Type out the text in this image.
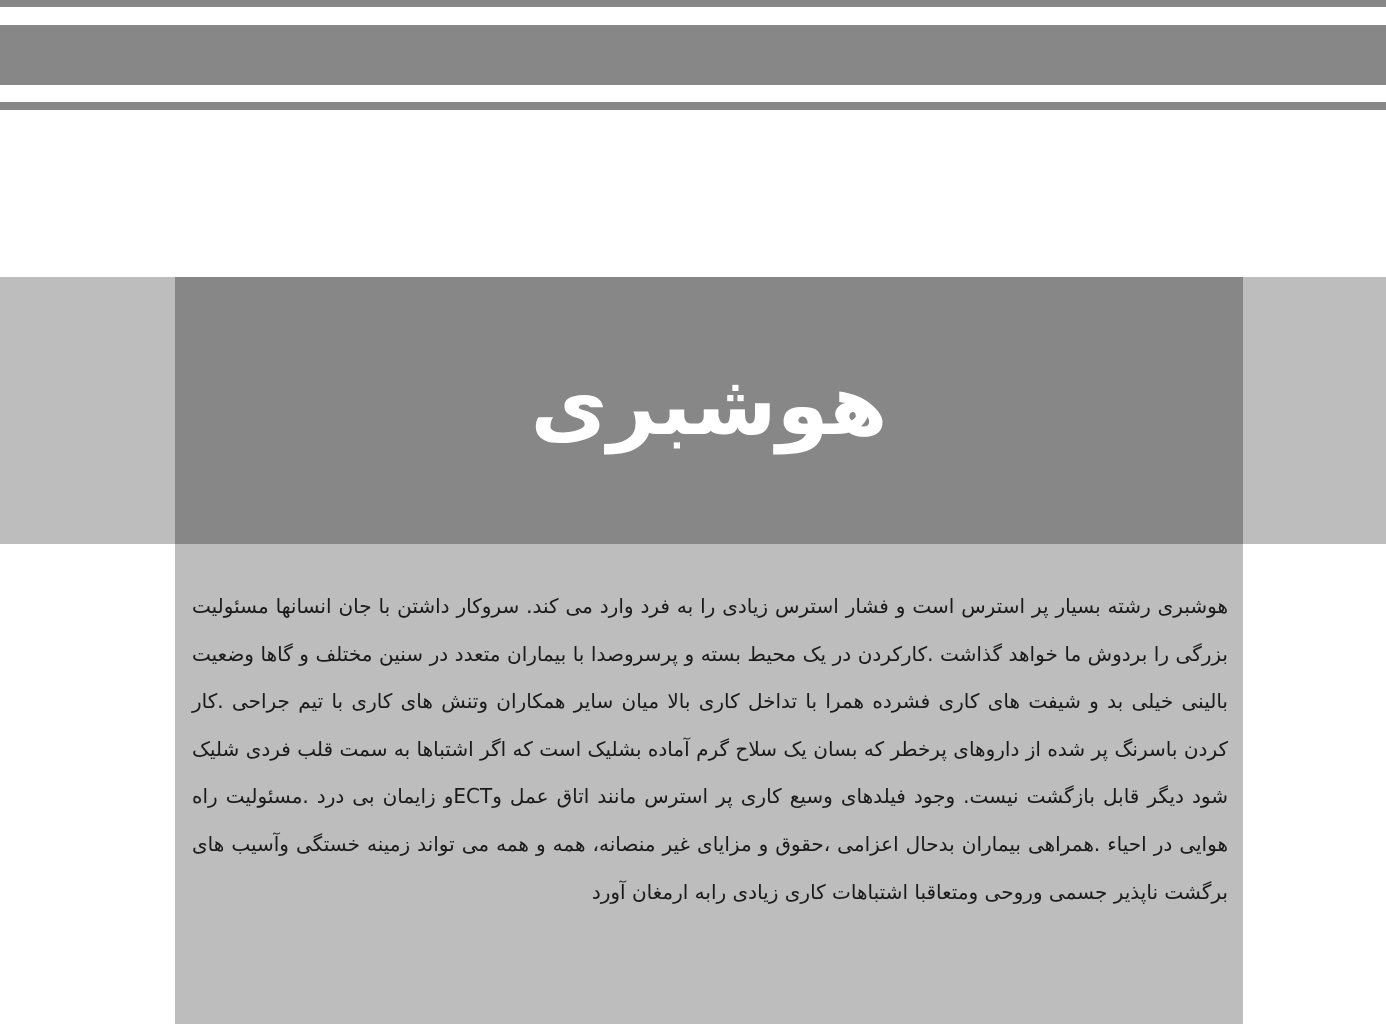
هوشبری

هوشبری رشته بسیار پر استرس است و فشار استرس زیادی را به فرد وارد می کند. سروکار داشتن با جان انسانها مسئولیت بزرگی را بردوش ما خواهد گذاشت .کارکردن در یک محیط بسته و پرسروصدا با بیماران متعدد در سنین مختلف و گاها وضعیت بالینی خیلی بد و شیفت های کاری فشرده همرا با تداخل کاری بالا میان سایر همکاران وتنش های کاری با تیم جراحی .کار کردن باسرنگ پر شده از داروهای پرخطر که بسان یک سلاح گرم آماده بشلیک است که اگر اشتباها به سمت قلب فردی شلیک شود دیگر قابل بازگشت نیست. وجود فیلدهای وسیع کاری پر استرس مانند اتاق عمل وECTو زایمان بی درد .مسئولیت راه هوایی در احیاء .همراهی بیماران بدحال اعزامی ،حقوق و مزایای غیر منصانه، همه و همه می تواند زمینه خستگی وآسیب های برگشت ناپذیر جسمی وروحی ومتعاقبا اشتباهات کاری زیادی رابه ارمغان آورد
